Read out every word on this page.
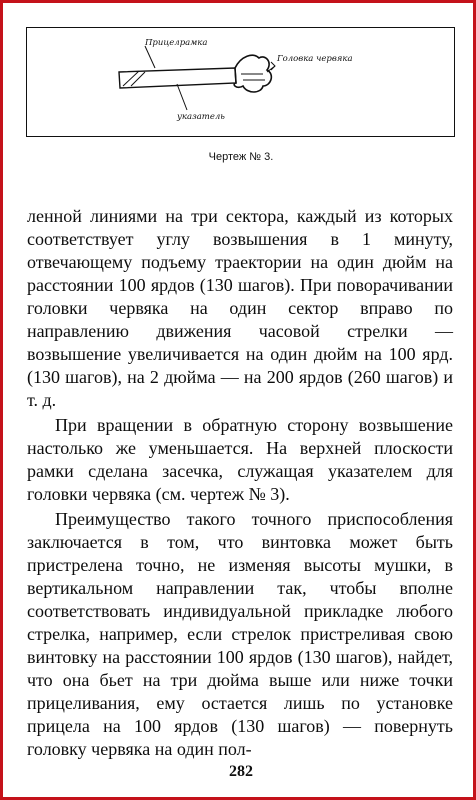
Прицелрамка
Головка червяка
указатель
Чертеж № 3.

ленной линиями на три сектора, каждый из которых соответствует углу возвышения в 1 минуту, отвечающему подъему траектории на один дюйм на расстоянии 100 ярдов (130 шагов). При поворачивании головки червяка на один сектор вправо по направлению движения часовой стрелки — возвышение увеличивается на один дюйм на 100 ярд. (130 шагов), на 2 дюйма — на 200 ярдов (260 шагов) и т. д.

При вращении в обратную сторону возвышение настолько же уменьшается. На верхней плоскости рамки сделана засечка, служащая указателем для головки червяка (см. чертеж № 3).

Преимущество такого точного приспособления заключается в том, что винтовка может быть пристрелена точно, не изменяя высоты мушки, в вертикальном направлении так, чтобы вполне соответствовать индивидуальной прикладке любого стрелка, например, если стрелок пристреливая свою винтовку на расстоянии 100 ярдов (130 шагов), найдет, что она бьет на три дюйма выше или ниже точки прицеливания, ему остается лишь по установке прицела на 100 ярдов (130 шагов) — повернуть головку червяка на один пол-

282
